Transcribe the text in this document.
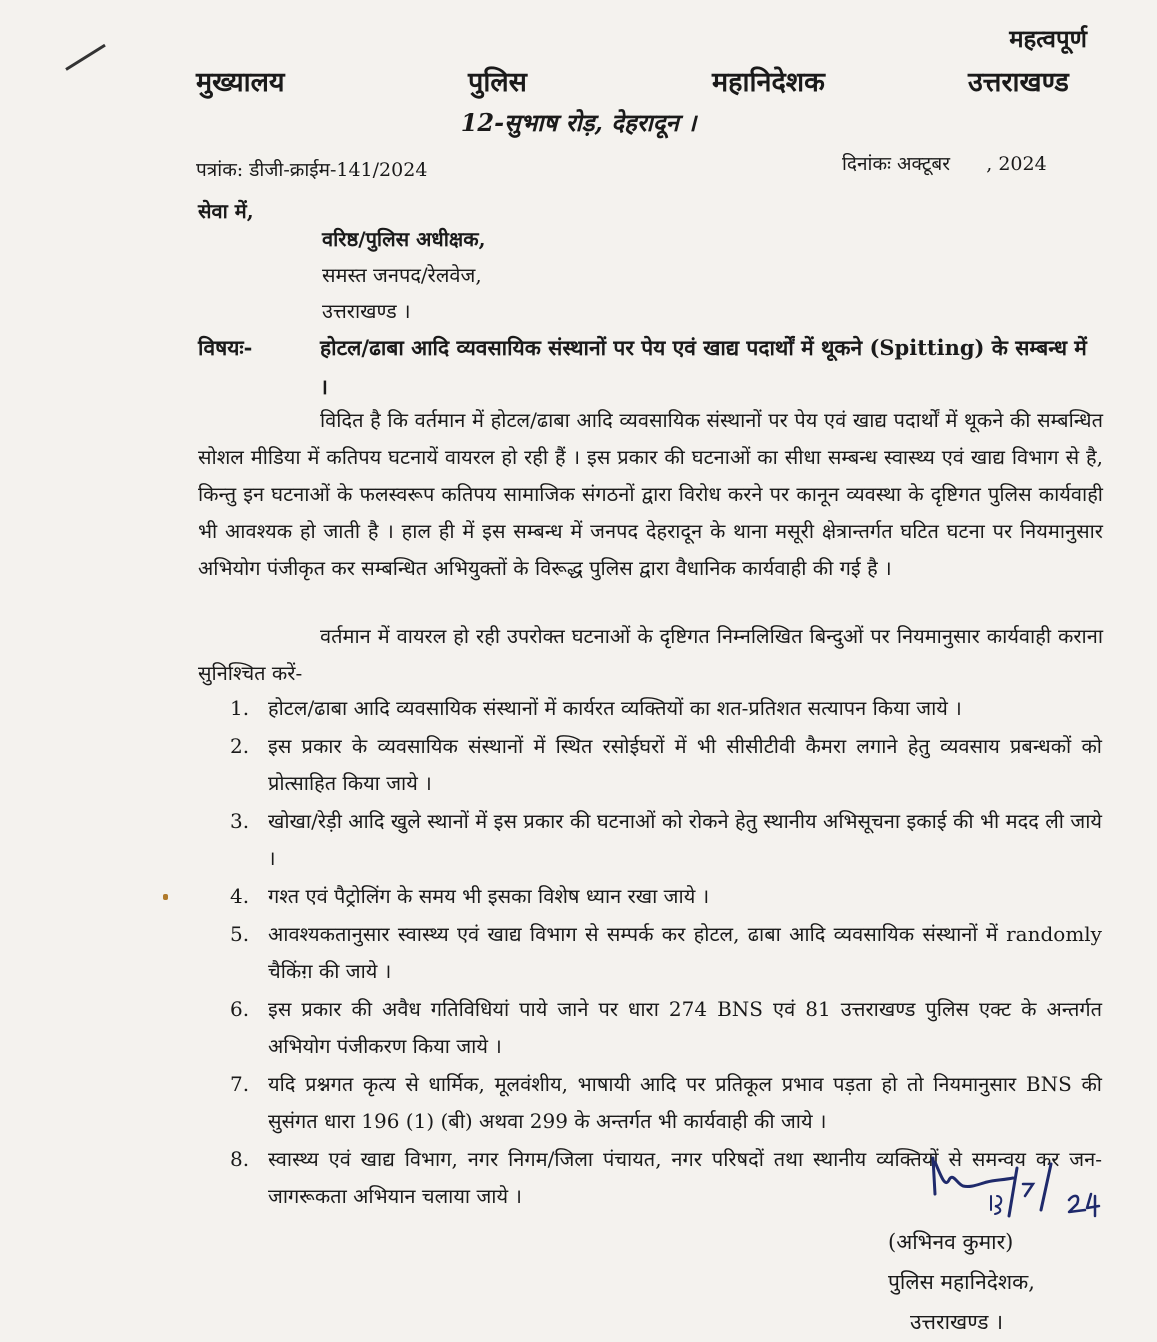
महत्वपूर्ण
मुख्यालय	पुलिस	महानिदेशक	उत्तराखण्ड
12-सुभाष रोड़, देहरादून ।
पत्रांक: डीजी-क्राईम-141/2024	दिनांकः अक्टूबर      , 2024
सेवा में,
वरिष्ठ/पुलिस अधीक्षक,
समस्त जनपद/रेलवेज,
उत्तराखण्ड ।
विषयः-	होटल/ढाबा आदि व्यवसायिक संस्थानों पर पेय एवं खाद्य पदार्थों में थूकने (Spitting) के सम्बन्ध में ।
विदित है कि वर्तमान में होटल/ढाबा आदि व्यवसायिक संस्थानों पर पेय एवं खाद्य पदार्थों में थूकने की सम्बन्धित सोशल मीडिया में कतिपय घटनायें वायरल हो रही हैं । इस प्रकार की घटनाओं का सीधा सम्बन्ध स्वास्थ्य एवं खाद्य विभाग से है, किन्तु इन घटनाओं के फलस्वरूप कतिपय सामाजिक संगठनों द्वारा विरोध करने पर कानून व्यवस्था के दृष्टिगत पुलिस कार्यवाही भी आवश्यक हो जाती है । हाल ही में इस सम्बन्ध में जनपद देहरादून के थाना मसूरी क्षेत्रान्तर्गत घटित घटना पर नियमानुसार अभियोग पंजीकृत कर सम्बन्धित अभियुक्तों के विरूद्ध पुलिस द्वारा वैधानिक कार्यवाही की गई है ।
वर्तमान में वायरल हो रही उपरोक्त घटनाओं के दृष्टिगत निम्नलिखित बिन्दुओं पर नियमानुसार कार्यवाही कराना सुनिश्चित करें-
1. होटल/ढाबा आदि व्यवसायिक संस्थानों में कार्यरत व्यक्तियों का शत-प्रतिशत सत्यापन किया जाये ।
2. इस प्रकार के व्यवसायिक संस्थानों में स्थित रसोईघरों में भी सीसीटीवी कैमरा लगाने हेतु व्यवसाय प्रबन्धकों को प्रोत्साहित किया जाये ।
3. खोखा/रेड़ी आदि खुले स्थानों में इस प्रकार की घटनाओं को रोकने हेतु स्थानीय अभिसूचना इकाई की भी मदद ली जाये ।
4. गश्त एवं पैट्रोलिंग के समय भी इसका विशेष ध्यान रखा जाये ।
5. आवश्यकतानुसार स्वास्थ्य एवं खाद्य विभाग से सम्पर्क कर होटल, ढाबा आदि व्यवसायिक संस्थानों में randomly चैकिंग़ की जाये ।
6. इस प्रकार की अवैध गतिविधियां पाये जाने पर धारा 274 BNS एवं 81 उत्तराखण्ड पुलिस एक्ट के अन्तर्गत अभियोग पंजीकरण किया जाये ।
7. यदि प्रश्नगत कृत्य से धार्मिक, मूलवंशीय, भाषायी आदि पर प्रतिकूल प्रभाव पड़ता हो तो नियमानुसार BNS की सुसंगत धारा 196 (1) (बी) अथवा 299 के अन्तर्गत भी कार्यवाही की जाये ।
8. स्वास्थ्य एवं खाद्य विभाग, नगर निगम/जिला पंचायत, नगर परिषदों तथा स्थानीय व्यक्तियों से समन्वय कर जन-जागरूकता अभियान चलाया जाये ।
(अभिनव कुमार)
पुलिस महानिदेशक,
उत्तराखण्ड ।
